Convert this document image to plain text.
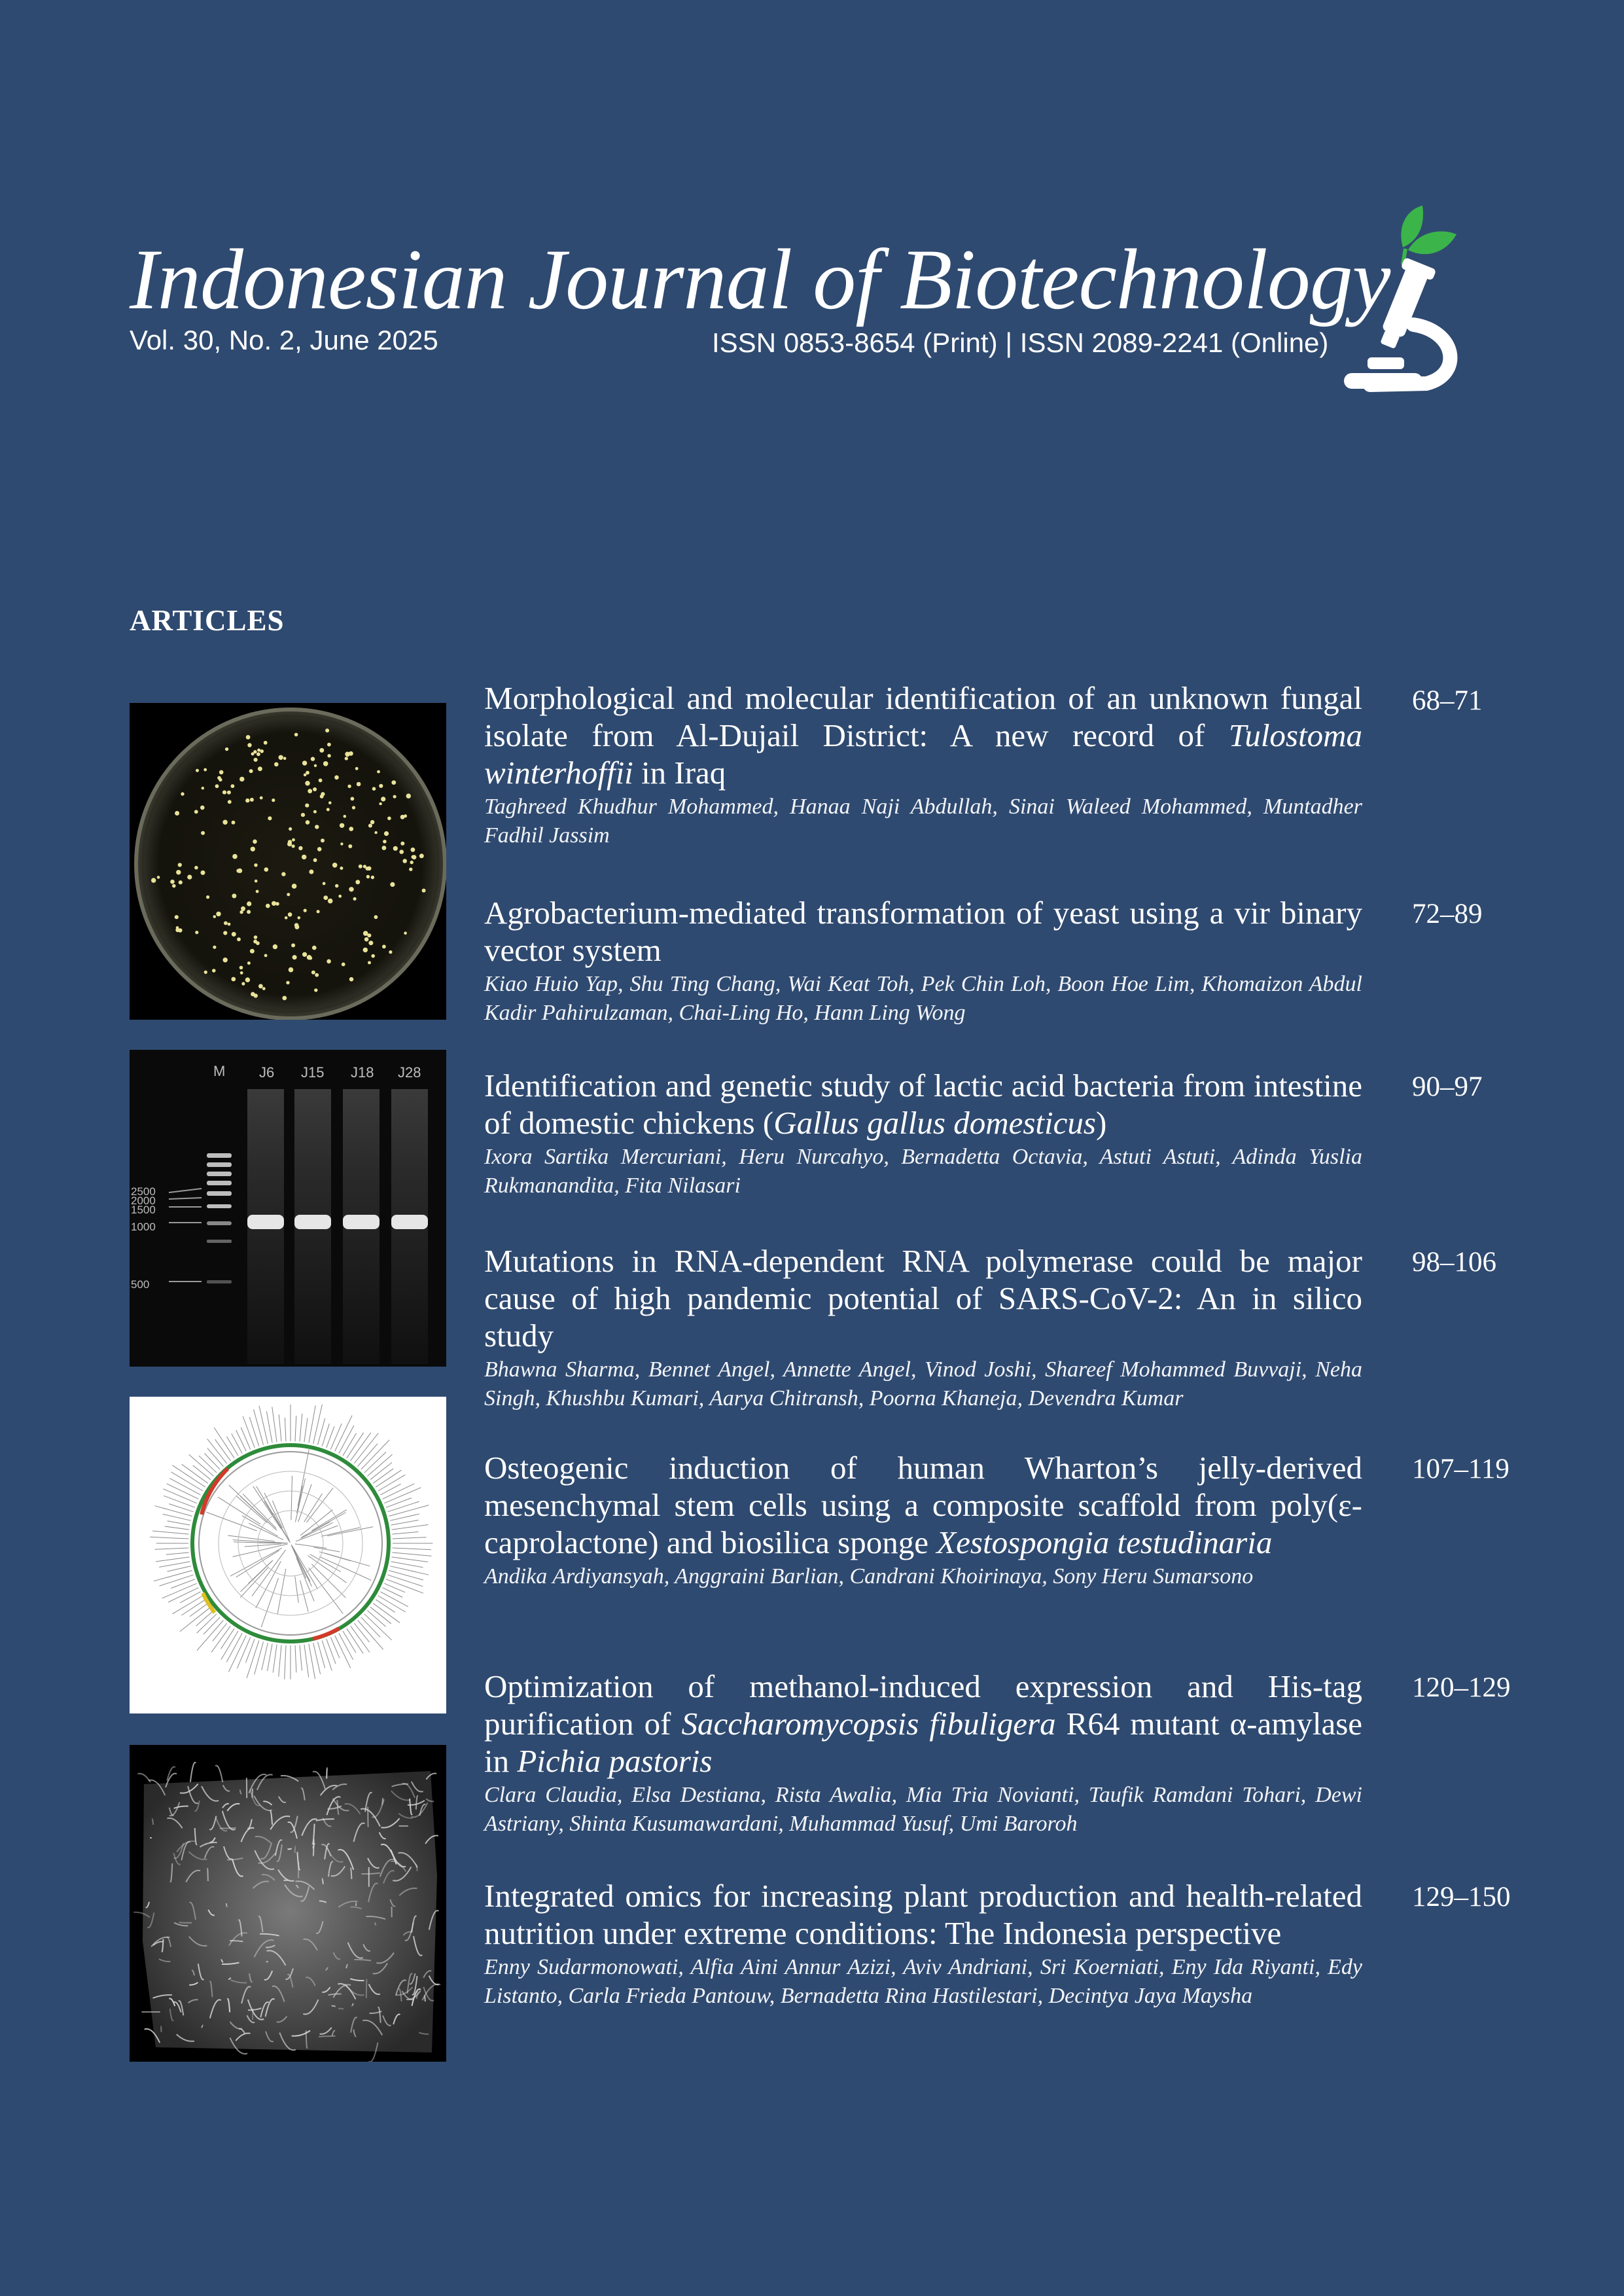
Indonesian Journal of Biotechnology
Vol. 30, No. 2, June 2025	ISSN 0853-8654 (Print) | ISSN 2089-2241 (Online)
ARTICLES
M J6 J15 J18 J28
2500
2000
1500
1000
500

Morphological and molecular identification of an unknown fungal isolate from Al-Dujail District: A new record of Tulostoma winterhoffii in Iraq

Taghreed Khudhur Mohammed, Hanaa Naji Abdullah, Sinai Waleed Mohammed, Muntadher Fadhil Jassim

68–71

Agrobacterium-mediated transformation of yeast using a vir binary vector system

Kiao Huio Yap, Shu Ting Chang, Wai Keat Toh, Pek Chin Loh, Boon Hoe Lim, Khomaizon Abdul Kadir Pahirulzaman, Chai-Ling Ho, Hann Ling Wong

72–89

Identification and genetic study of lactic acid bacteria from intestine of domestic chickens (Gallus gallus domesticus)

Ixora Sartika Mercuriani, Heru Nurcahyo, Bernadetta Octavia, Astuti Astuti, Adinda Yuslia Rukmanandita, Fita Nilasari

90–97

Mutations in RNA-dependent RNA polymerase could be major cause of high pandemic potential of SARS-CoV-2: An in silico study

Bhawna Sharma, Bennet Angel, Annette Angel, Vinod Joshi, Shareef Mohammed Buvvaji, Neha Singh, Khushbu Kumari, Aarya Chitransh, Poorna Khaneja, Devendra Kumar

98–106

Osteogenic induction of human Wharton’s jelly-derived mesenchymal stem cells using a composite scaffold from poly(ε-caprolactone) and biosilica sponge Xestospongia testudinaria

Andika Ardiyansyah, Anggraini Barlian, Candrani Khoirinaya, Sony Heru Sumarsono

107–119

Optimization of methanol-induced expression and His-tag purification of Saccharomycopsis fibuligera R64 mutant α-amylase in Pichia pastoris

Clara Claudia, Elsa Destiana, Rista Awalia, Mia Tria Novianti, Taufik Ramdani Tohari, Dewi Astriany, Shinta Kusumawardani, Muhammad Yusuf, Umi Baroroh

120–129

Integrated omics for increasing plant production and health-related nutrition under extreme conditions: The Indonesia perspective

Enny Sudarmonowati, Alfia Aini Annur Azizi, Aviv Andriani, Sri Koerniati, Eny Ida Riyanti, Edy Listanto, Carla Frieda Pantouw, Bernadetta Rina Hastilestari, Decintya Jaya Maysha

129–150
